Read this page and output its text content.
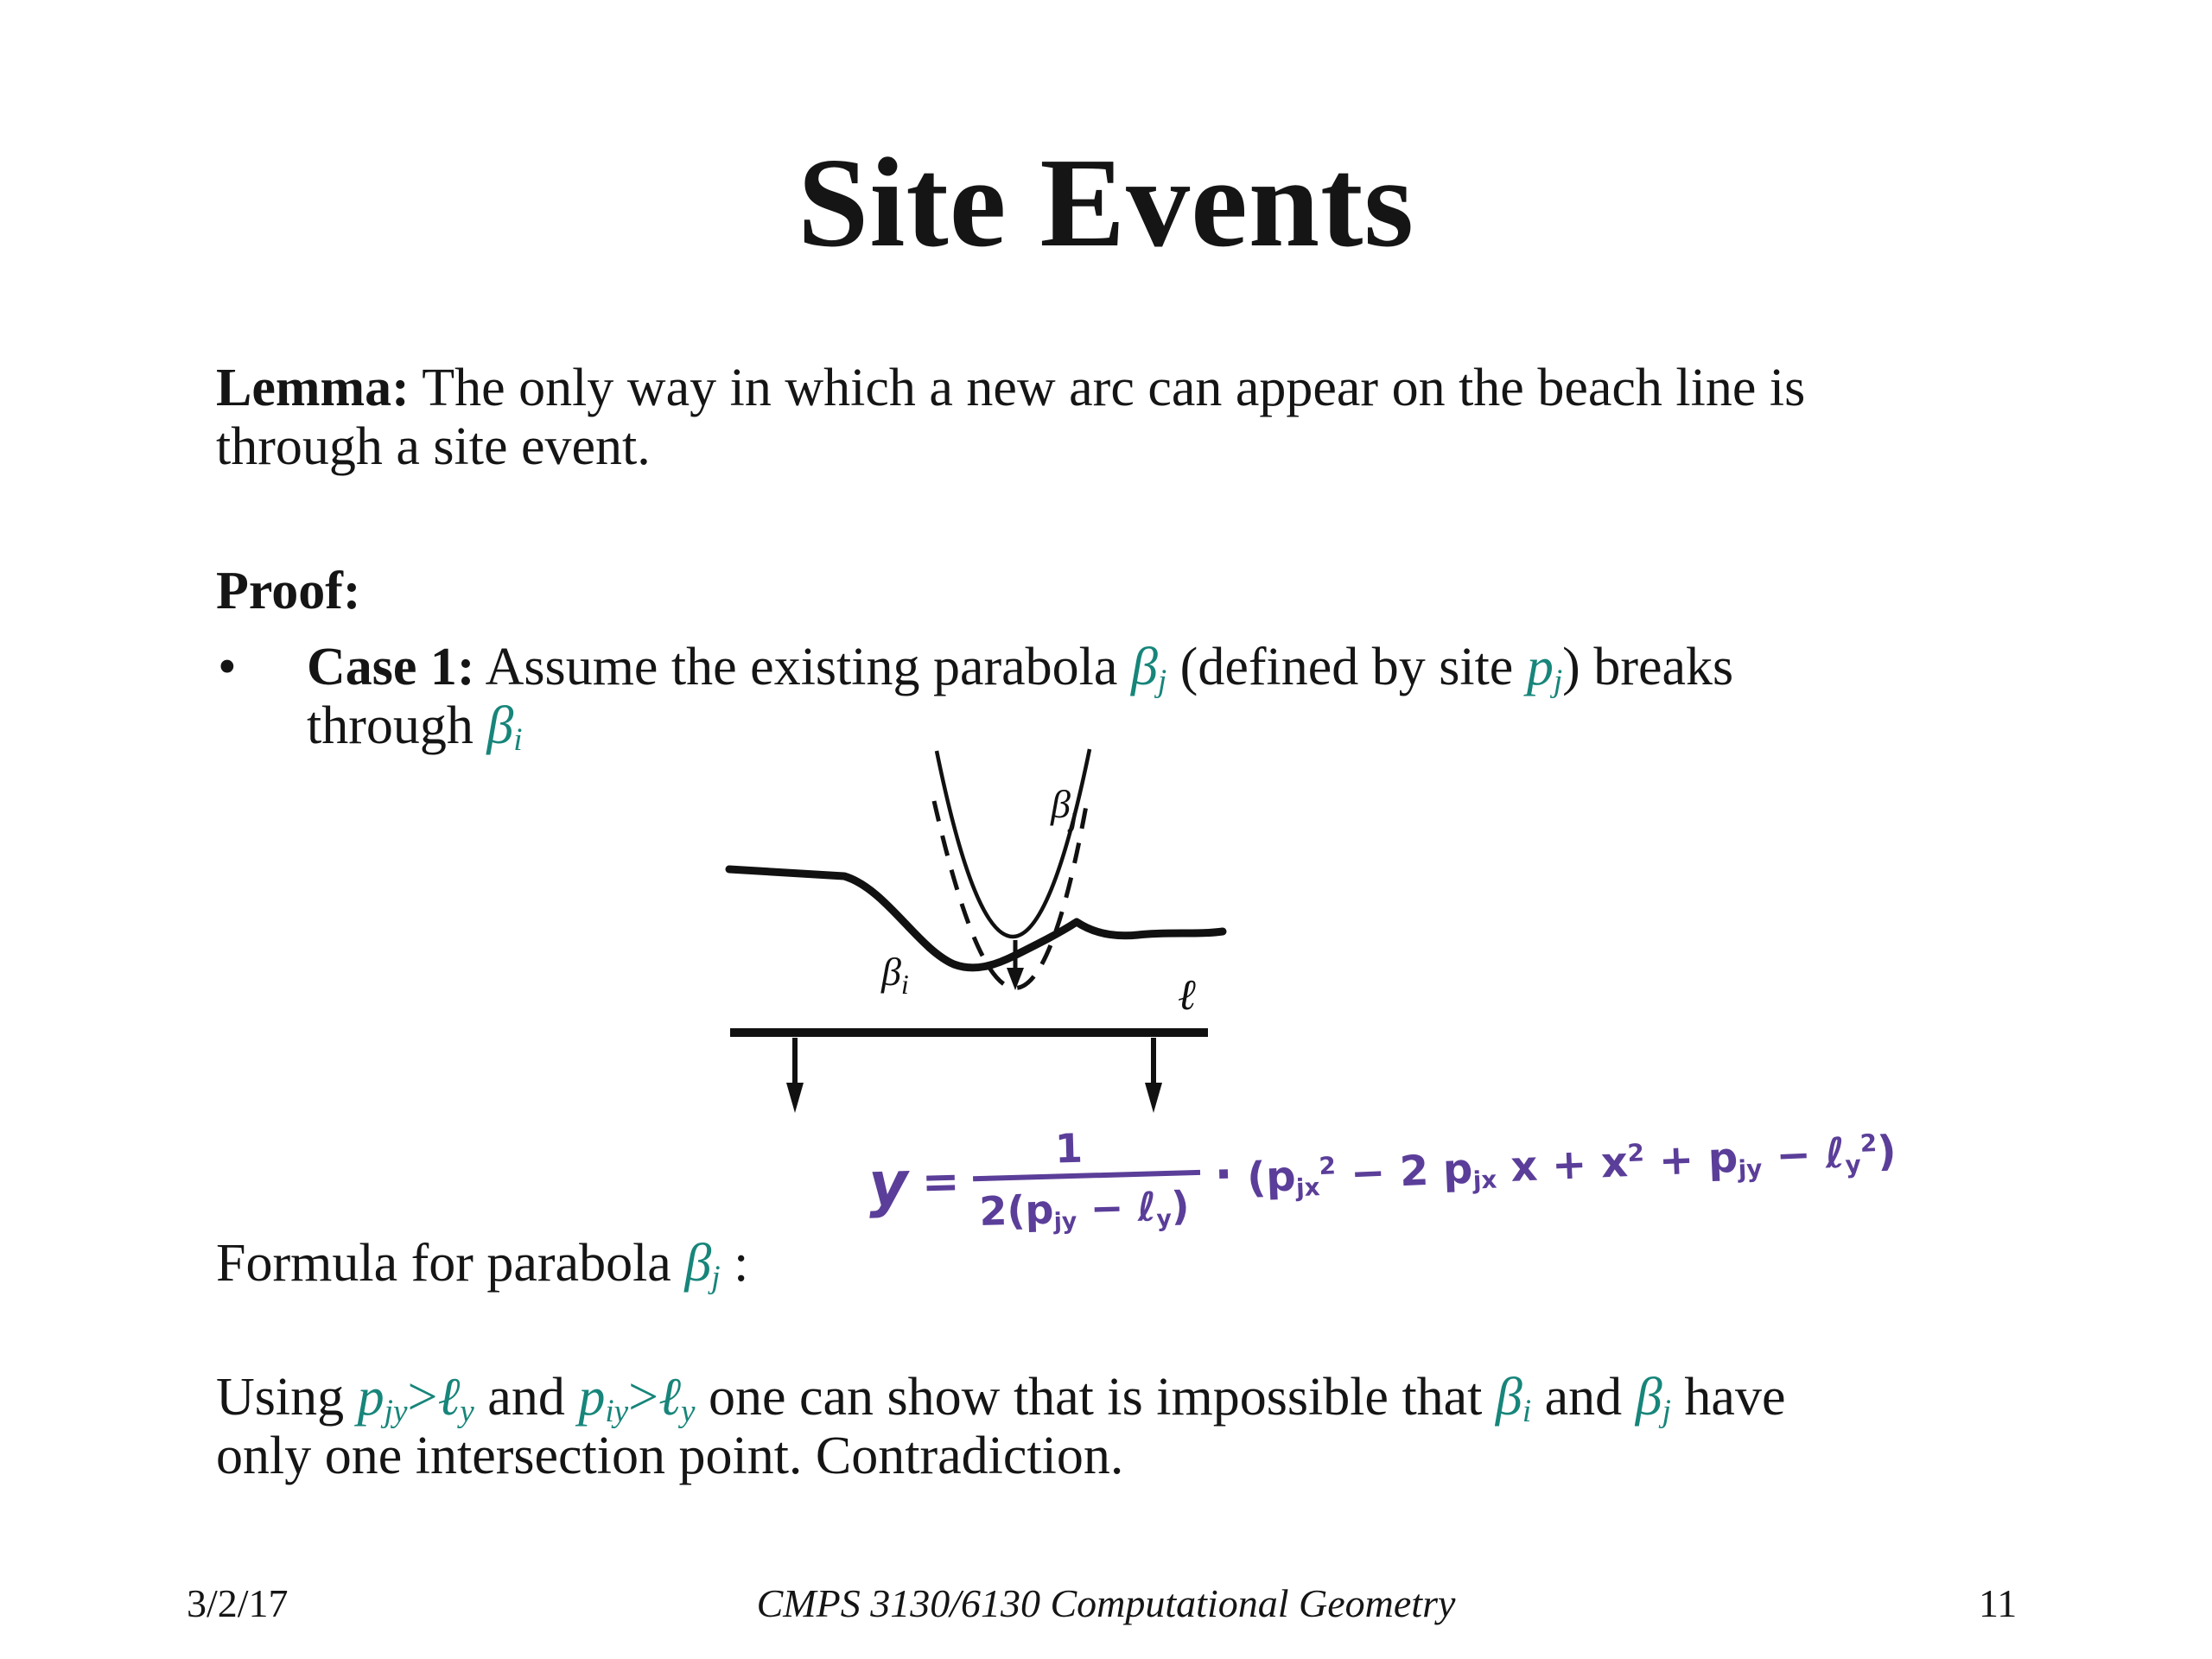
Site Events
Lemma: The only way in which a new arc can appear on the beach line is
through a site event.
Proof:
• Case 1: Assume the existing parabola $\beta_j$ (defined by site $p_j$) breaks
through $\beta_i$
$\beta_j$
$\beta_i$	ℓ
$y = \frac{1}{2(p_{jy} - \ell_y)} \cdot (p_{jx}^2 - 2$ $p_{jx}$ $x + x^2 + p_{jy}$ − ℓ$_y^2$)
Formula for parabola $\beta_j$ :
Using $p_{jy}>\ell_y$ and $p_{iy}>\ell_y$ one can show that is impossible that $\beta_i$ and $\beta_j$ have
only one intersection point. Contradiction.
3/2/17	CMPS 3130/6130 Computational Geometry	11
